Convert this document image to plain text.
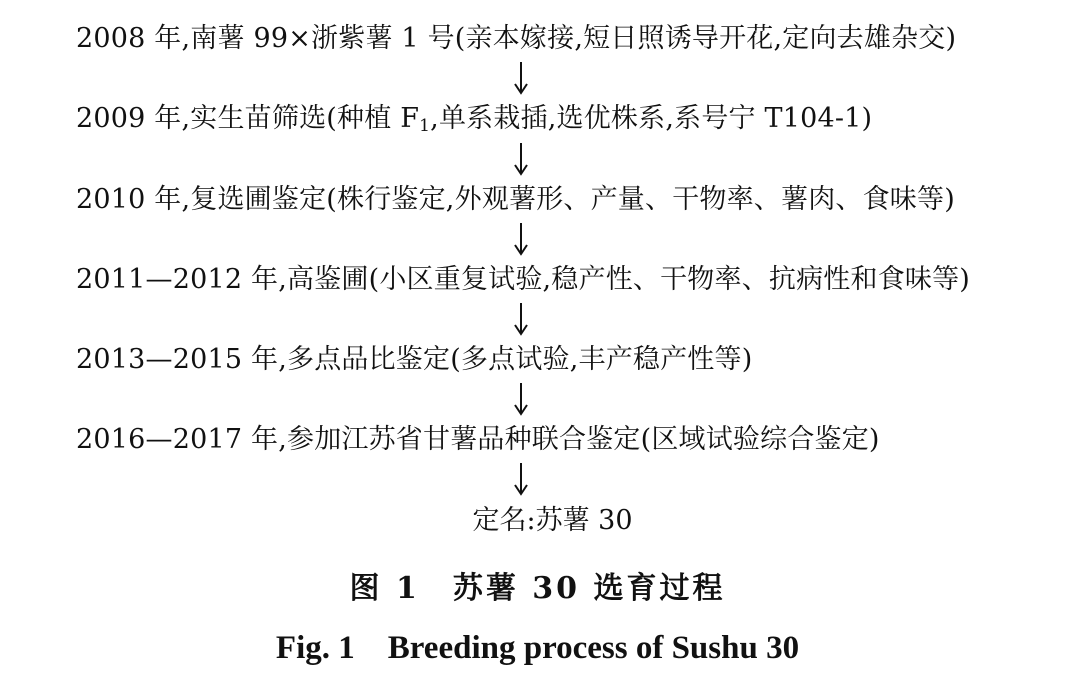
2008 年,南薯 99×浙紫薯 1 号(亲本嫁接,短日照诱导开花,定向去雄杂交)
2009 年,实生苗筛选(种植 $F_1$,单系栽插,选优株系,系号宁 T104-1)
2010 年,复选圃鉴定(株行鉴定,外观薯形、产量、干物率、薯肉、食味等)
2011—2012 年,高鉴圃(小区重复试验,稳产性、干物率、抗病性和食味等)
2013—2015 年,多点品比鉴定(多点试验,丰产稳产性等)
2016—2017 年,参加江苏省甘薯品种联合鉴定(区域试验综合鉴定)
定名:苏薯 30
图 1　苏薯 30 选育过程
Fig. 1　Breeding process of Sushu 30
